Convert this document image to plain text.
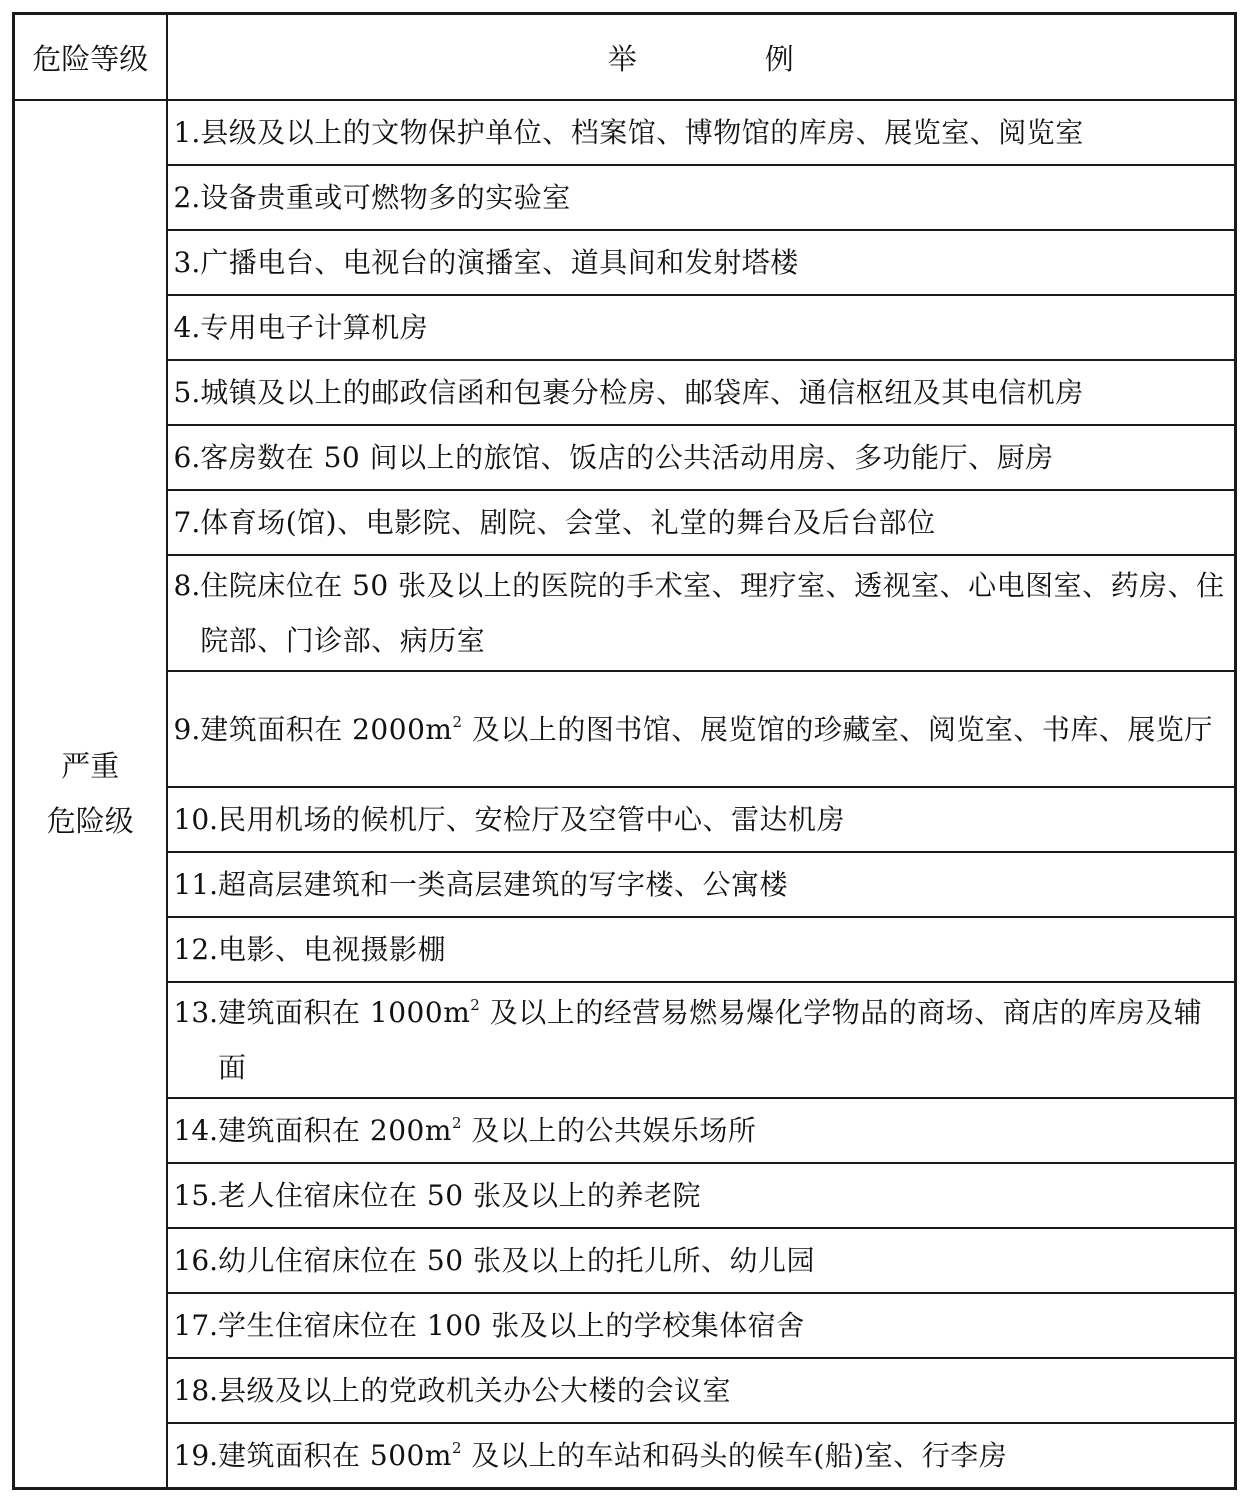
危险等级	举 例

严重
危险级	1. 县级及以上的文物保护单位、档案馆、博物馆的库房、展览室、阅览室

	2. 设备贵重或可燃物多的实验室

	3. 广播电台、电视台的演播室、道具间和发射塔楼

	4. 专用电子计算机房

	5. 城镇及以上的邮政信函和包裹分检房、邮袋库、通信枢纽及其电信机房

	6. 客房数在 50 间以上的旅馆、饭店的公共活动用房、多功能厅、厨房

	7. 体育场(馆)、电影院、剧院、会堂、礼堂的舞台及后台部位

	8. 住院床位在 50 张及以上的医院的手术室、理疗室、透视室、心电图室、药房、住院部、门诊部、病历室

	9. 建筑面积在 $2000m^2$ 及以上的图书馆、展览馆的珍藏室、阅览室、书库、展览厅

	10. 民用机场的候机厅、安检厅及空管中心、雷达机房

	11. 超高层建筑和一类高层建筑的写字楼、公寓楼

	12. 电影、电视摄影棚

	13. 建筑面积在 $1000m^2$ 及以上的经营易燃易爆化学物品的商场、商店的库房及辅面

	14. 建筑面积在 $200m^2$ 及以上的公共娱乐场所

	15. 老人住宿床位在 50 张及以上的养老院

	16. 幼儿住宿床位在 50 张及以上的托儿所、幼儿园

	17. 学生住宿床位在 100 张及以上的学校集体宿舍

	18. 县级及以上的党政机关办公大楼的会议室

	19. 建筑面积在 $500m^2$ 及以上的车站和码头的候车(船)室、行李房
